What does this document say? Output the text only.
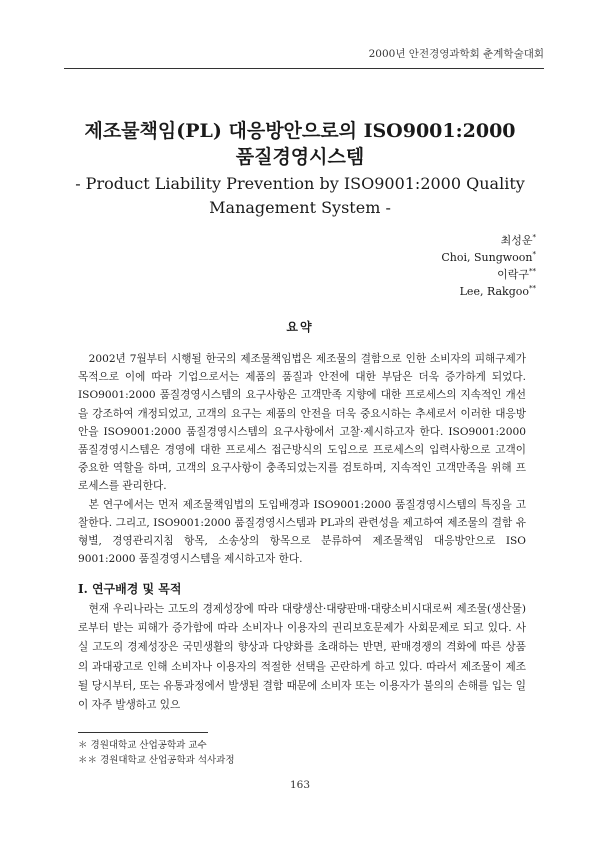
2000년 안전경영과학회 춘계학술대회
제조물책임(PL) 대응방안으로의 ISO9001:2000
품질경영시스템
- Product Liability Prevention by ISO9001:2000 Quality
Management System -
최성운*
Choi, Sungwoon*
이락구**
Lee, Rakgoo**
요약

2002년 7월부터 시행될 한국의 제조물책임법은 제조물의 결함으로 인한 소비자의 피해구제가 목적으로 이에 따라 기업으로서는 제품의 품질과 안전에 대한 부담은 더욱 증가하게 되었다. ISO9001:2000 품질경영시스템의 요구사항은 고객만족 지향에 대한 프로세스의 지속적인 개선을 강조하여 개정되었고, 고객의 요구는 제품의 안전을 더욱 중요시하는 추세로서 이러한 대응방안을 ISO9001:2000 품질경영시스템의 요구사항에서 고찰·제시하고자 한다. ISO9001:2000 품질경영시스템은 경영에 대한 프로세스 접근방식의 도입으로 프로세스의 입력사항으로 고객이 중요한 역할을 하며, 고객의 요구사항이 충족되었는지를 검토하며, 지속적인 고객만족을 위해 프로세스를 관리한다.

본 연구에서는 먼저 제조물책임법의 도입배경과 ISO9001:2000 품질경영시스템의 특징을 고찰한다. 그리고, ISO9001:2000 품질경영시스템과 PL과의 관련성을 제고하여 제조물의 결함 유형별, 경영관리지침 항목, 소송상의 항목으로 분류하여 제조물책임 대응방안으로 ISO 9001:2000 품질경영시스템을 제시하고자 한다.

Ⅰ. 연구배경 및 목적

현재 우리나라는 고도의 경제성장에 따라 대량생산·대량판매·대량소비시대로써 제조물(생산물)로부터 받는 피해가 증가함에 따라 소비자나 이용자의 권리보호문제가 사회문제로 되고 있다. 사실 고도의 경제성장은 국민생활의 향상과 다양화를 초래하는 반면, 판매경쟁의 격화에 따른 상품의 과대광고로 인해 소비자나 이용자의 적절한 선택을 곤란하게 하고 있다. 따라서 제조물이 제조될 당시부터, 또는 유통과정에서 발생된 결함 때문에 소비자 또는 이용자가 불의의 손해를 입는 일이 자주 발생하고 있으

＊ 경원대학교 산업공학과 교수
＊＊ 경원대학교 산업공학과 석사과정
163
